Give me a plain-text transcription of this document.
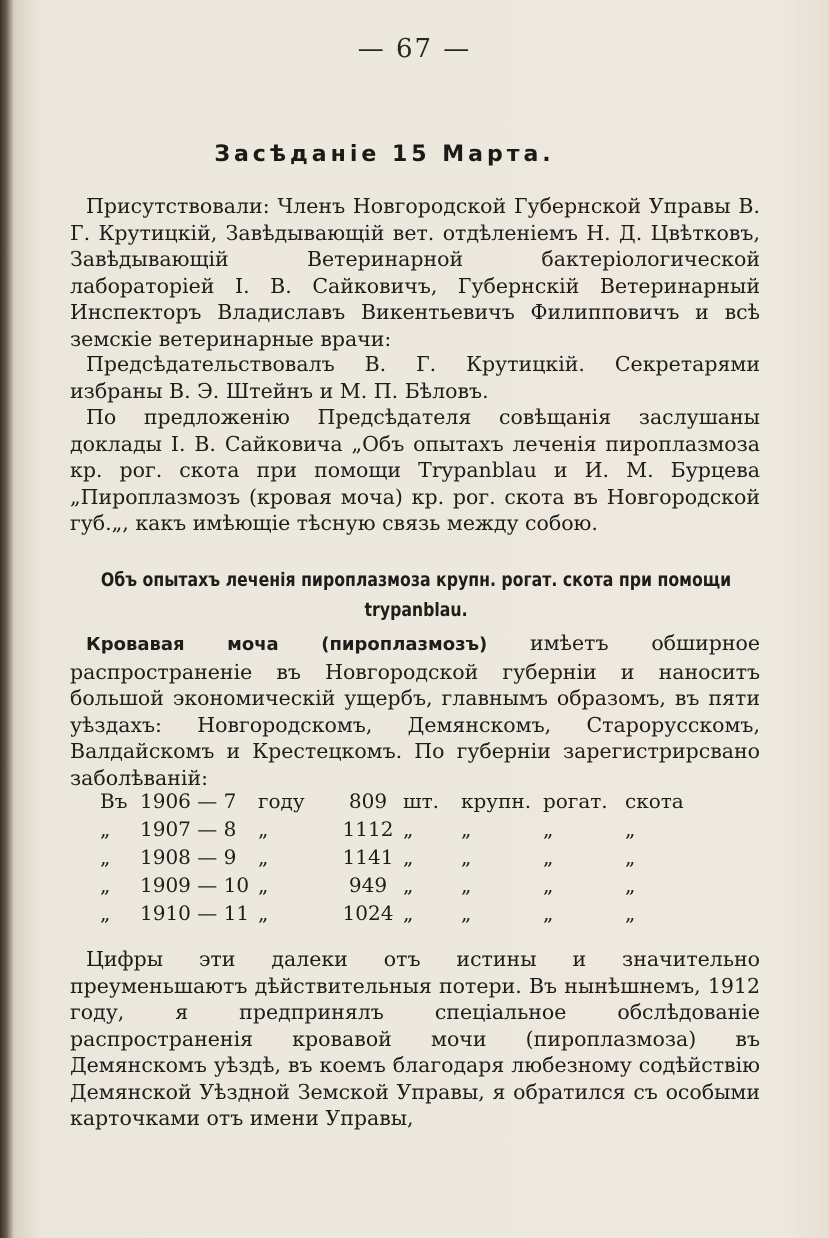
— 67 —
Засѣданіе 15 Марта.
Присутствовали: Членъ Новгородской Губернской Управы В. Г. Крутицкій, Завѣдывающій вет. отдѣленіемъ Н. Д. Цвѣтковъ, Завѣдывающій Ветеринарной бактеріологической лабораторіей І. В. Сайковичъ, Губернскій Ветеринарный Инспекторъ Владиславъ Викентьевичъ Филипповичъ и всѣ земскіе ветеринарные врачи:
Предсѣдательствовалъ В. Г. Крутицкій. Секретарями избраны В. Э. Штейнъ и М. П. Бѣловъ.
По предложенію Предсѣдателя совѣщанія заслушаны доклады І. В. Сайковича „Объ опытахъ леченія пироплазмоза кр. рог. скота при помощи Trypanblau и И. М. Бурцева „Пироплазмозъ (кровая моча) кр. рог. скота въ Новгородской губ.„, какъ имѣющіе тѣсную связь между собою.
Объ опытахъ леченія пироплазмоза крупн. рогат. скота при помощи trypanblau.
Кровавая моча (пироплазмозъ) имѣетъ обширное распространеніе въ Новгородской губерніи и наноситъ большой экономическій ущербъ, главнымъ образомъ, въ пяти уѣздахъ: Новгородскомъ, Демянскомъ, Старорусскомъ, Валдайскомъ и Крестецкомъ. По губерніи зарегистрирсвано заболѣваній:
Въ	1906 — 7	году	809	шт.	крупн.	рогат.	скота
„	1907 — 8	„	1112	„	„	„	„
„	1908 — 9	„	1141	„	„	„	„
„	1909 — 10	„	949	„	„	„	„
„	1910 — 11	„	1024	„	„	„	„
Цифры эти далеки отъ истины и значительно преуменьшаютъ дѣйствительныя потери. Въ нынѣшнемъ, 1912 году, я предпринялъ спеціальное обслѣдованіе распространенія кровавой мочи (пироплазмоза) въ Демянскомъ уѣздѣ, въ коемъ благодаря любезному содѣйствію Демянской Уѣздной Земской Управы, я обратился съ особыми карточками отъ имени Управы,
